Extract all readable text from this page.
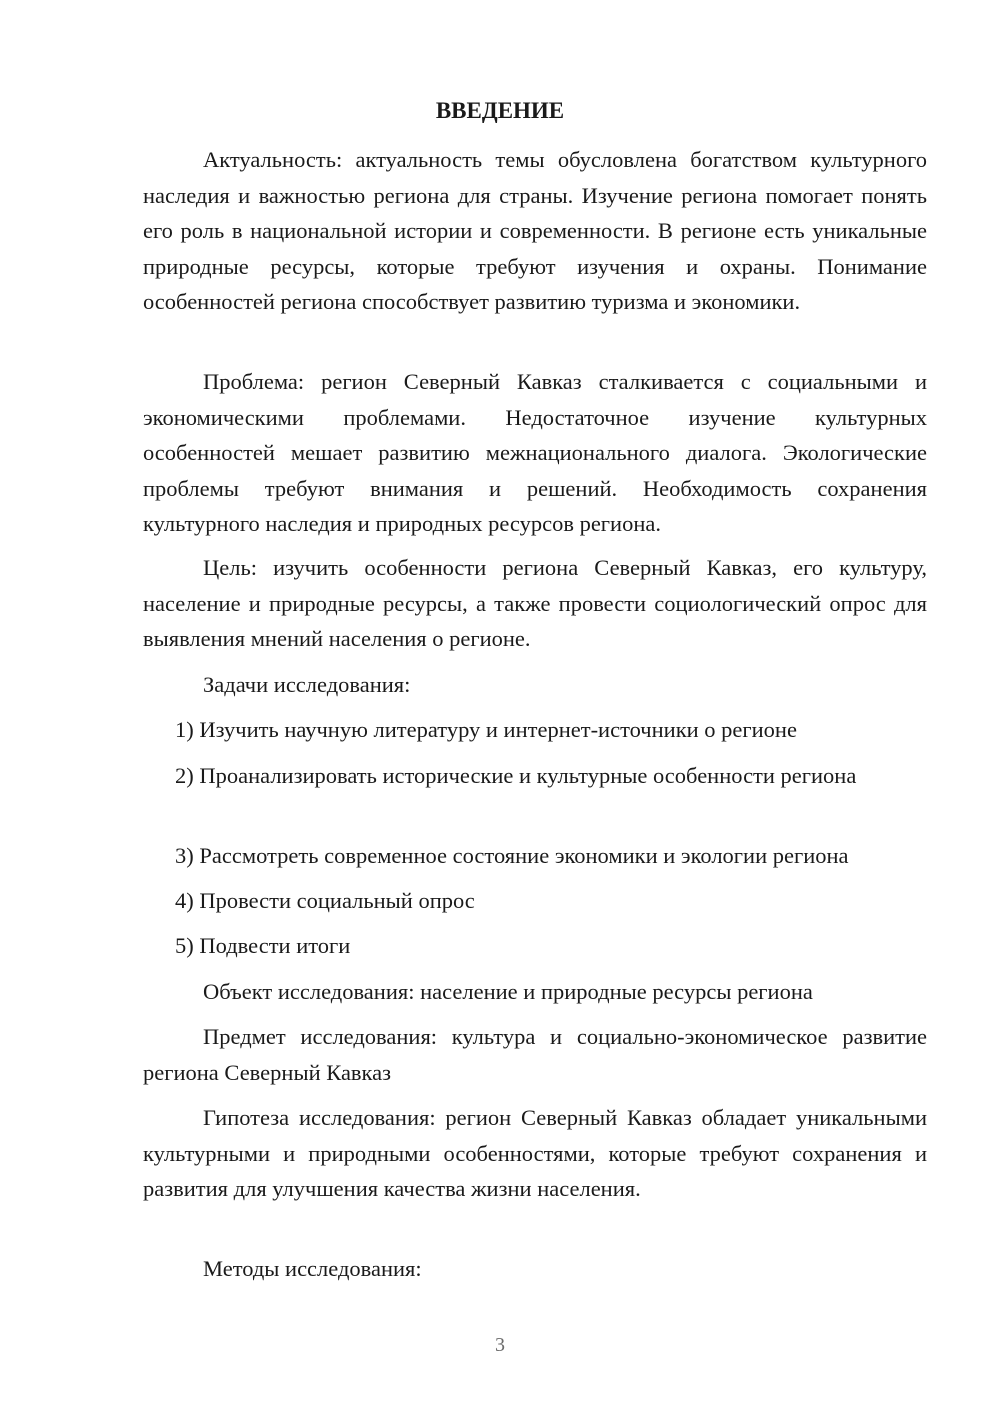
ВВЕДЕНИЕ

Актуальность: актуальность темы обусловлена богатством культурного наследия и важностью региона для страны. Изучение региона помогает понять его роль в национальной истории и современности. В регионе есть уникальные природные ресурсы, которые требуют изучения и охраны. Понимание особенностей региона способствует развитию туризма и экономики.

Проблема: регион Северный Кавказ сталкивается с социальными и экономическими проблемами. Недостаточное изучение культурных особенностей мешает развитию межнационального диалога. Экологические проблемы требуют внимания и решений. Необходимость сохранения культурного наследия и природных ресурсов региона.

Цель: изучить особенности региона Северный Кавказ, его культуру, население и природные ресурсы, а также провести социологический опрос для выявления мнений населения о регионе.

Задачи исследования:

1) Изучить научную литературу и интернет-источники о регионе

2) Проанализировать исторические и культурные особенности региона

3) Рассмотреть современное состояние экономики и экологии региона

4) Провести социальный опрос

5) Подвести итоги

Объект исследования: население и природные ресурсы региона

Предмет исследования: культура и социально-экономическое развитие региона Северный Кавказ

Гипотеза исследования: регион Северный Кавказ обладает уникальными культурными и природными особенностями, которые требуют сохранения и развития для улучшения качества жизни населения.

Методы исследования:

3
